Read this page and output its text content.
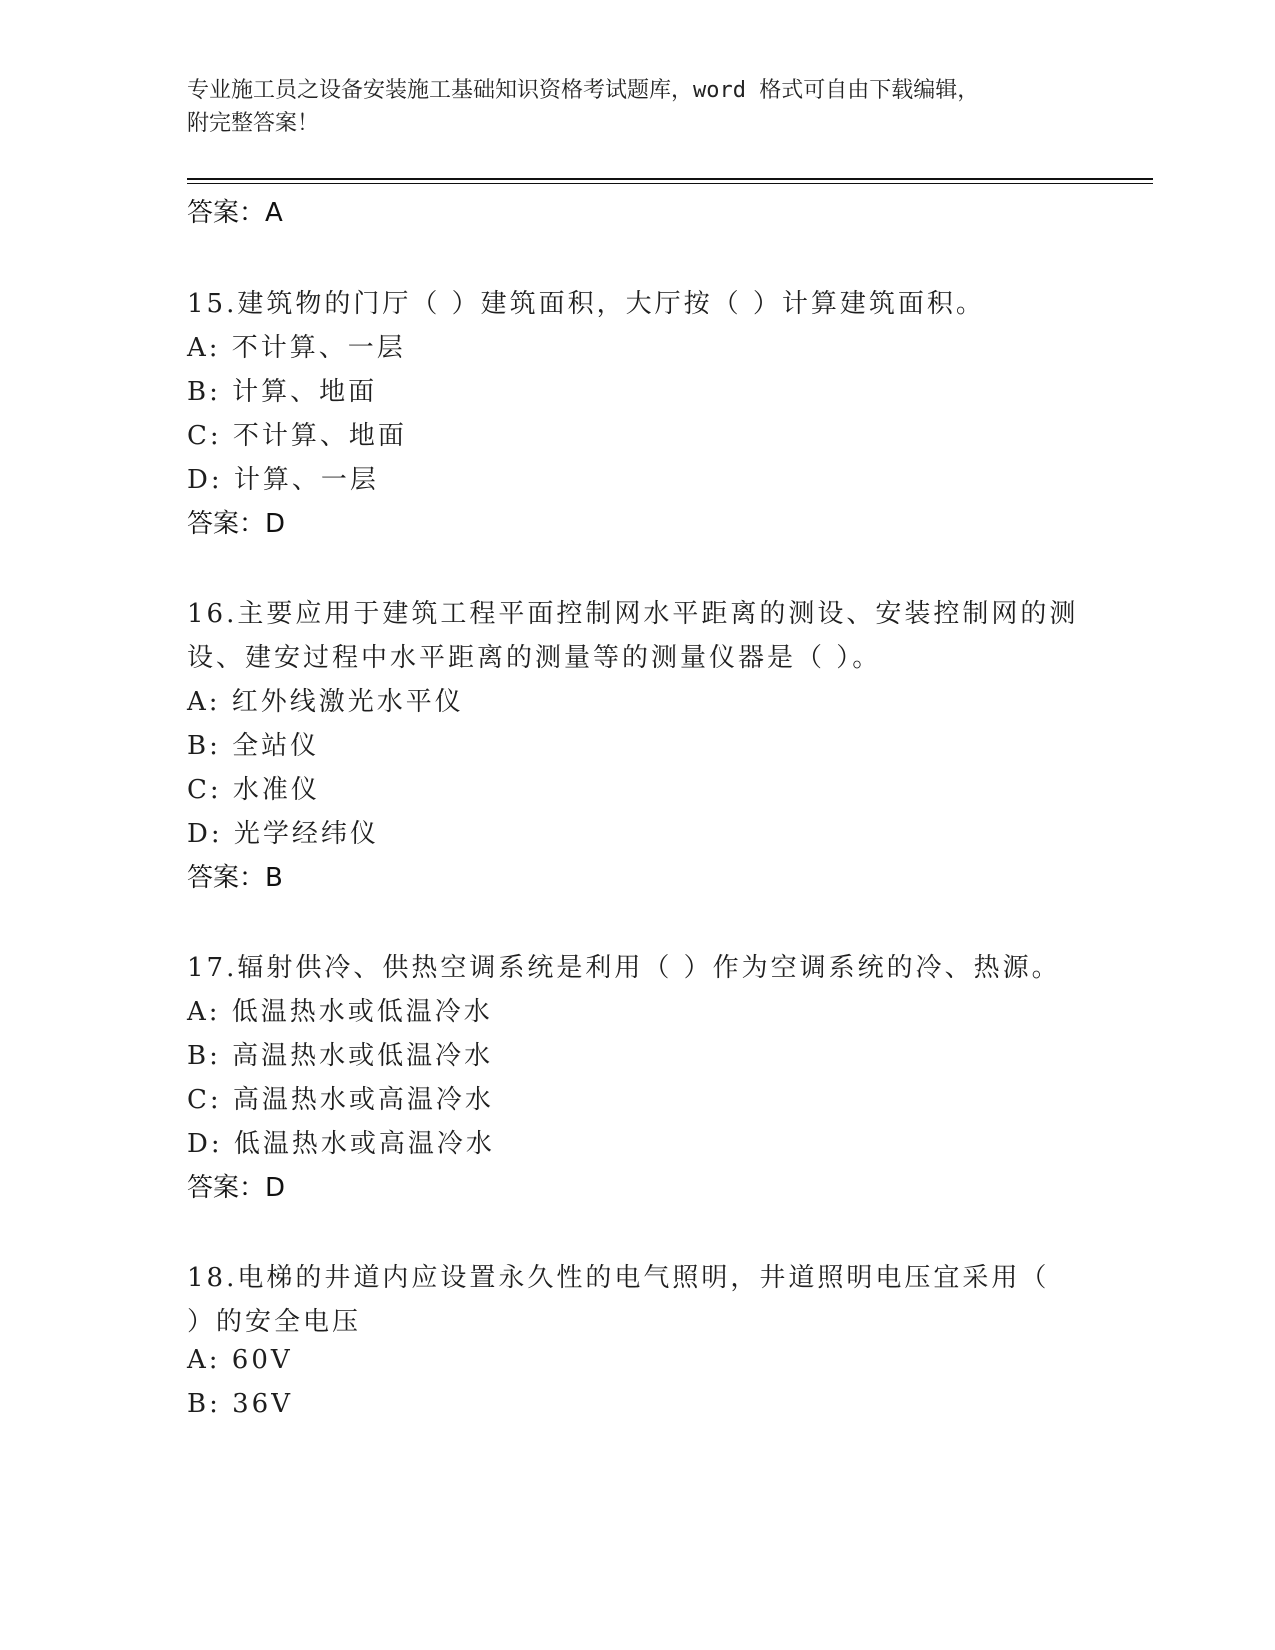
专业施工员之设备安装施工基础知识资格考试题库，word 格式可自由下载编辑，
附完整答案！
答案：A
15.建筑物的门厅（ ）建筑面积，大厅按（ ）计算建筑面积。
A: 不计算、一层
B: 计算、地面
C: 不计算、地面
D: 计算、一层
答案：D
16.主要应用于建筑工程平面控制网水平距离的测设、安装控制网的测
设、建安过程中水平距离的测量等的测量仪器是（ ）。
A: 红外线激光水平仪
B: 全站仪
C: 水准仪
D: 光学经纬仪
答案：B
17.辐射供冷、供热空调系统是利用（ ）作为空调系统的冷、热源。
A: 低温热水或低温冷水
B: 高温热水或低温冷水
C: 高温热水或高温冷水
D: 低温热水或高温冷水
答案：D
18.电梯的井道内应设置永久性的电气照明，井道照明电压宜采用（
）的安全电压
A: 60V
B: 36V
